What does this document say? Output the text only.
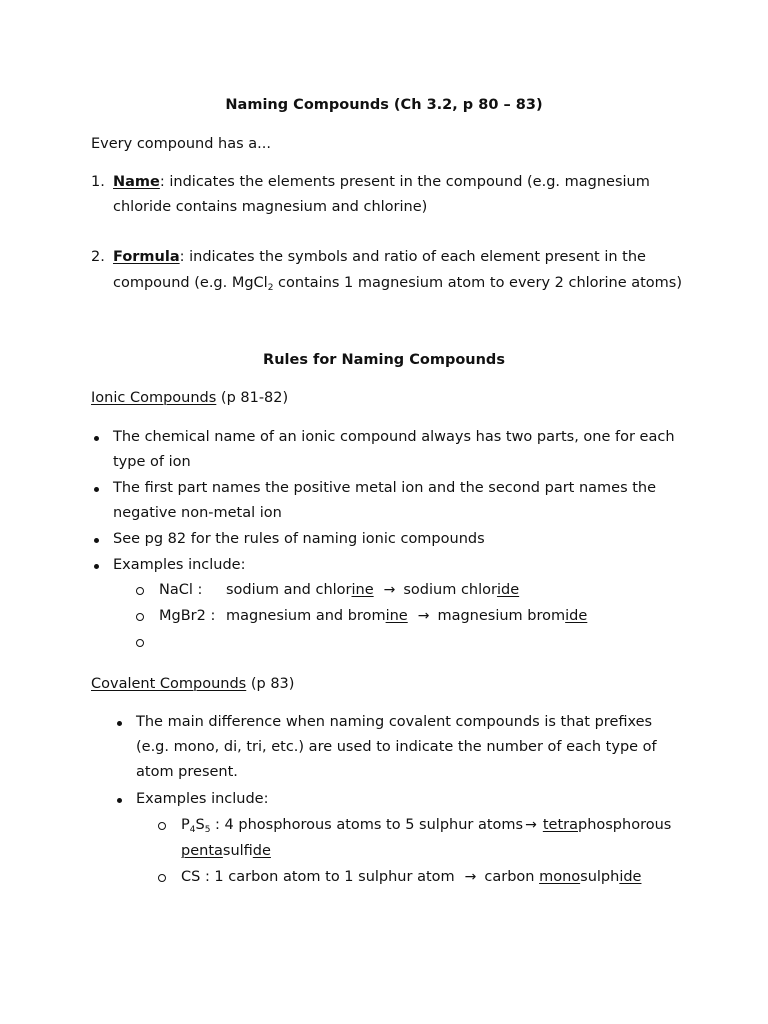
Naming Compounds (Ch 3.2, p 80 – 83)
Every compound has a...
1. Name: indicates the elements present in the compound (e.g. magnesium
chloride contains magnesium and chlorine)
2. Formula: indicates the symbols and ratio of each element present in the
compound (e.g. MgCl$_2$ contains 1 magnesium atom to every 2 chlorine atoms)
Rules for Naming Compounds
Ionic Compounds (p 81-82)
The chemical name of an ionic compound always has two parts, one for each
type of ion
The first part names the positive metal ion and the second part names the
negative non-metal ion
See pg 82 for the rules of naming ionic compounds
Examples include:
NaCl : sodium and chlorine → sodium chloride
MgBr2 : magnesium and bromine → magnesium bromide
Covalent Compounds (p 83)
The main difference when naming covalent compounds is that prefixes
(e.g. mono, di, tri, etc.) are used to indicate the number of each type of
atom present.
Examples include:
$P_4S_5$ : 4 phosphorous atoms to 5 sulphur atoms → tetraphosphorous
pentasulfide
CS : 1 carbon atom to 1 sulphur atom → carbon monosulphide
